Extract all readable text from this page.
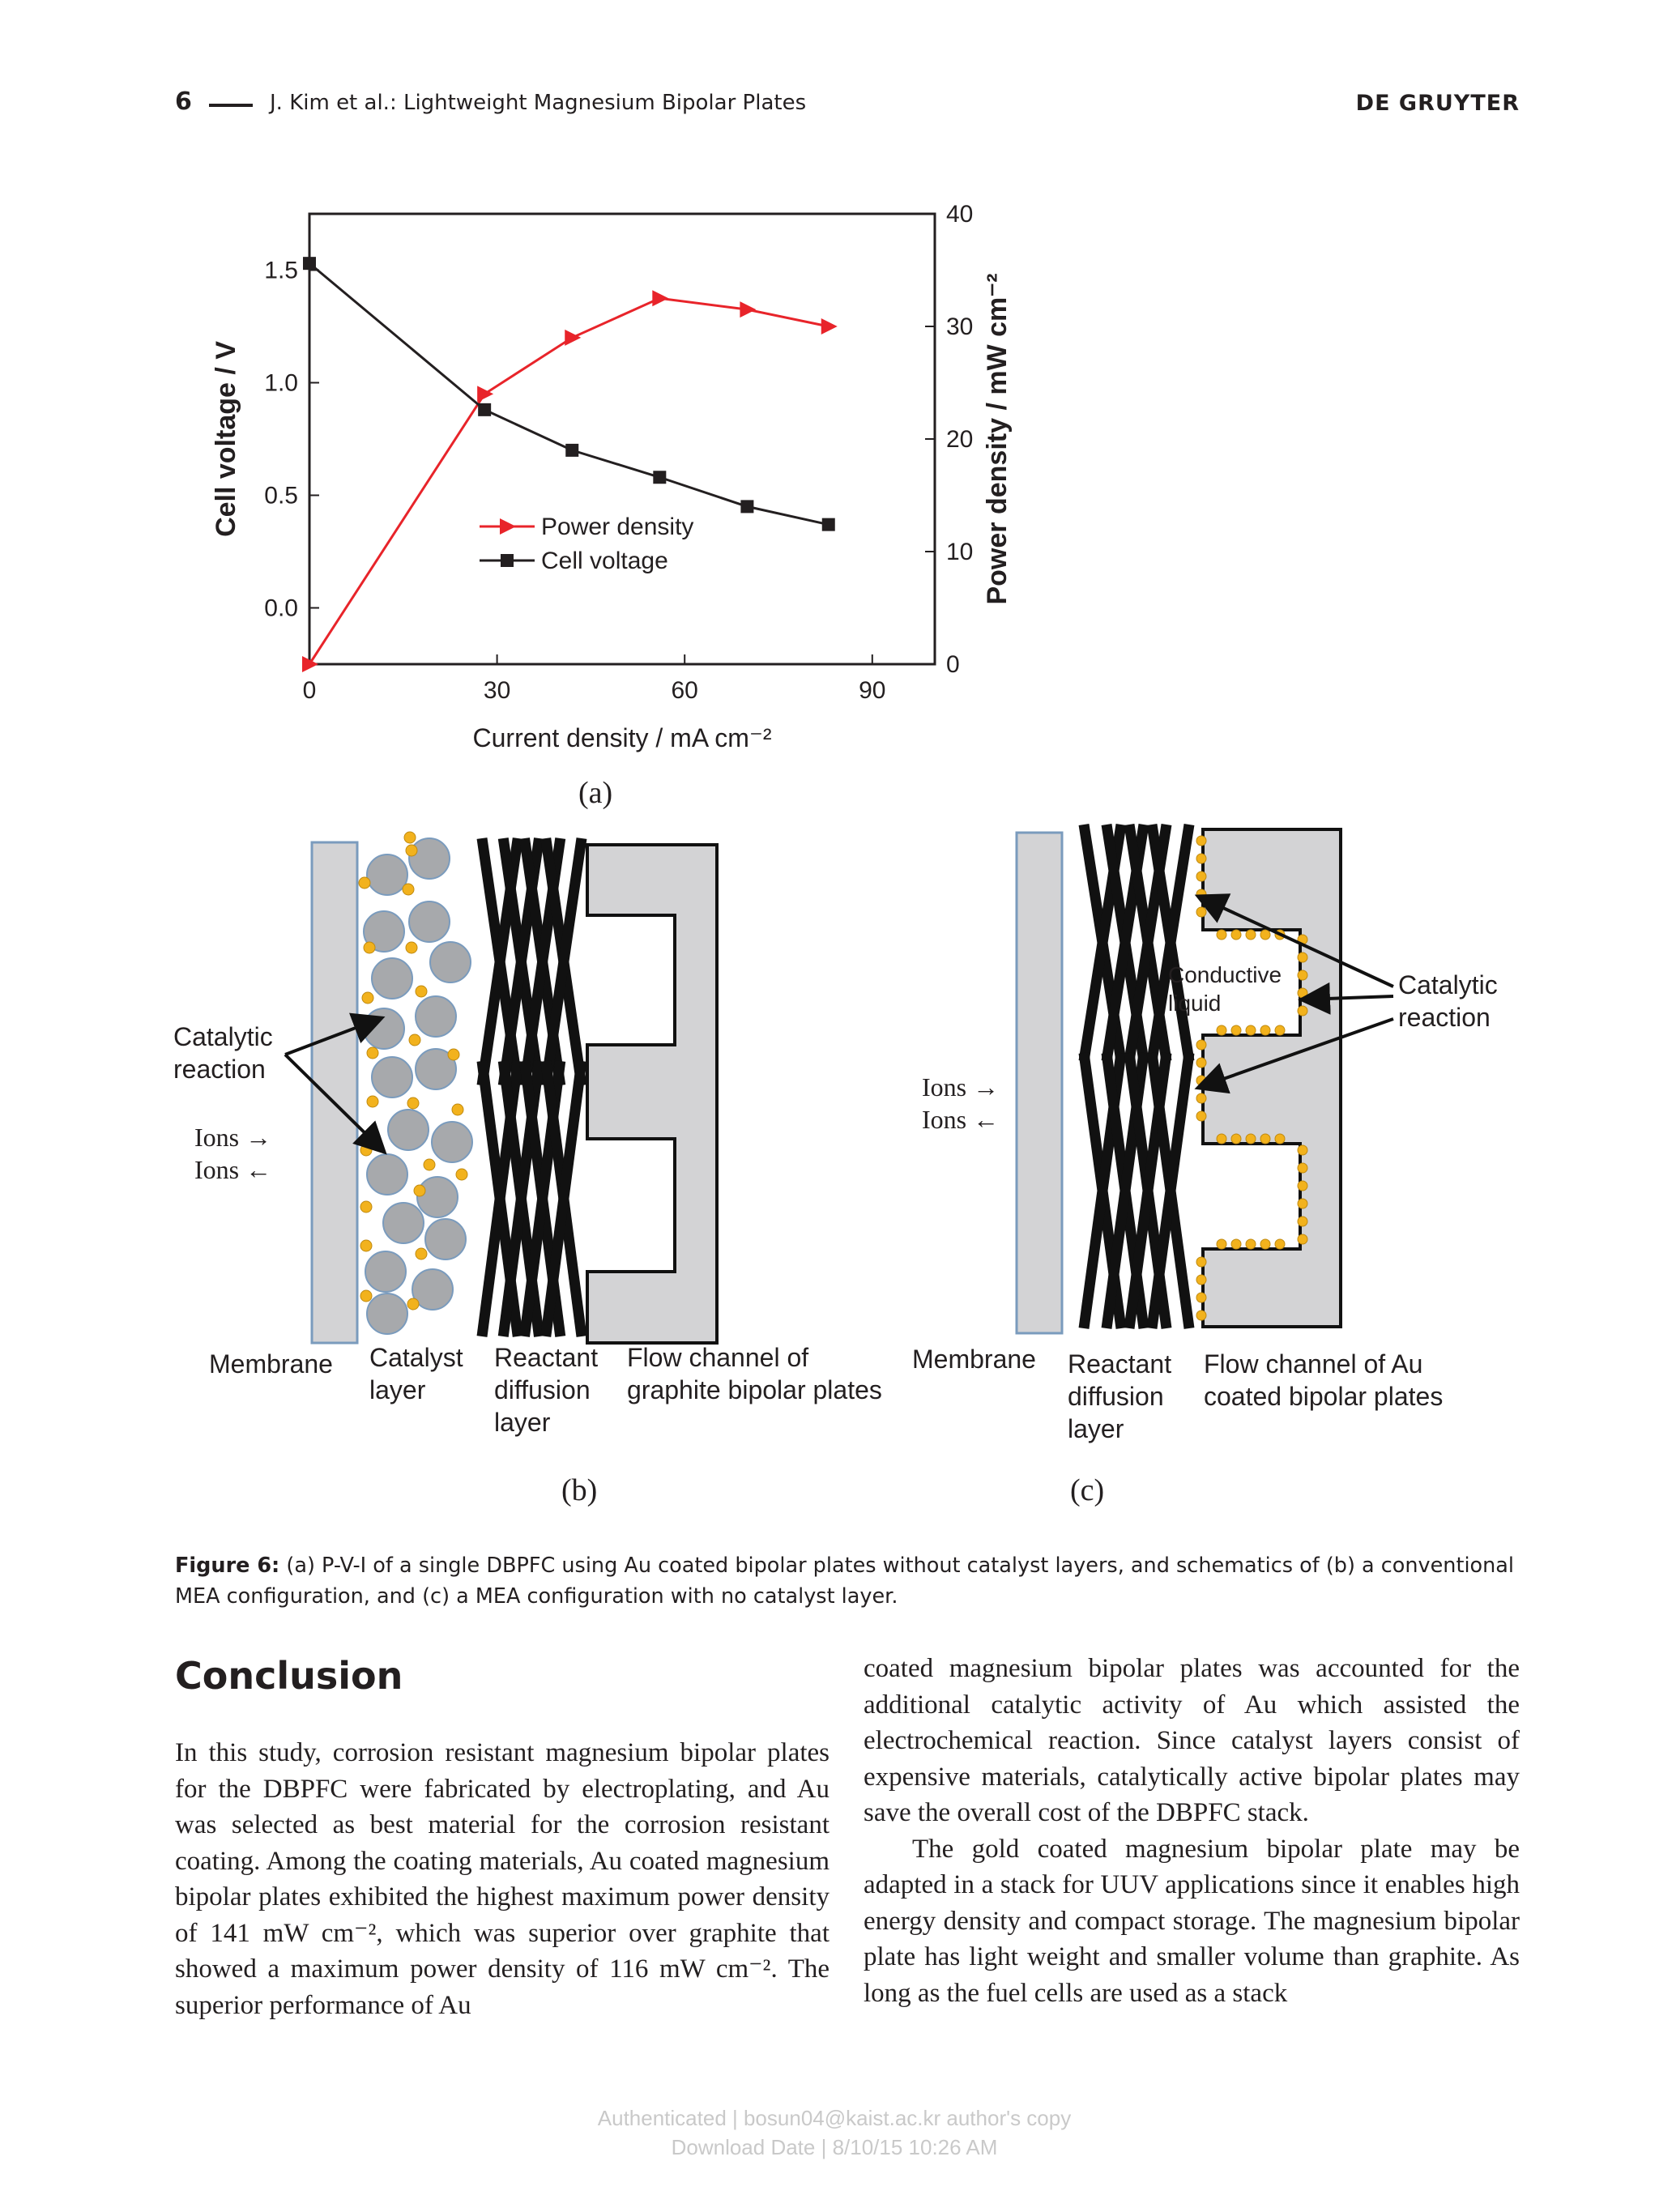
6	J. Kim et al.: Lightweight Magnesium Bipolar Plates	DE GRUYTER
0	30	60	90
0.0
0.5
1.0
1.5
0
10
20
30
40
Current density / mA cm⁻²
Cell voltage / V	Power density / mW cm⁻²
Power density
Cell voltage
(a)
Catalytic
reaction
Ions →
Ions ←
Membrane Catalyst
layer
Reactant
diffusion
layer
Flow channel of
graphite bipolar plates
(b)
Conductive
liquid
Catalytic
reaction
Ions →
Ions ←
Membrane Reactant
diffusion
layer
Flow channel of Au
coated bipolar plates
(c)
Figure 6: (a) P-V-I of a single DBPFC using Au coated bipolar plates without catalyst layers, and schematics of (b) a conventional MEA configuration, and (c) a MEA configuration with no catalyst layer.
Conclusion

In this study, corrosion resistant magnesium bipolar plates for the DBPFC were fabricated by electroplating, and Au was selected as best material for the corrosion resistant coating. Among the coating materials, Au coated magnesium bipolar plates exhibited the highest maximum power density of 141 mW cm⁻², which was superior over graphite that showed a maximum power density of 116 mW cm⁻². The superior performance of Au

coated magnesium bipolar plates was accounted for the additional catalytic activity of Au which assisted the electrochemical reaction. Since catalyst layers consist of expensive materials, catalytically active bipolar plates may save the overall cost of the DBPFC stack.

The gold coated magnesium bipolar plate may be adapted in a stack for UUV applications since it enables high energy density and compact storage. The magnesium bipolar plate has light weight and smaller volume than graphite. As long as the fuel cells are used as a stack

Authenticated | bosun04@kaist.ac.kr author's copy
Download Date | 8/10/15 10:26 AM
